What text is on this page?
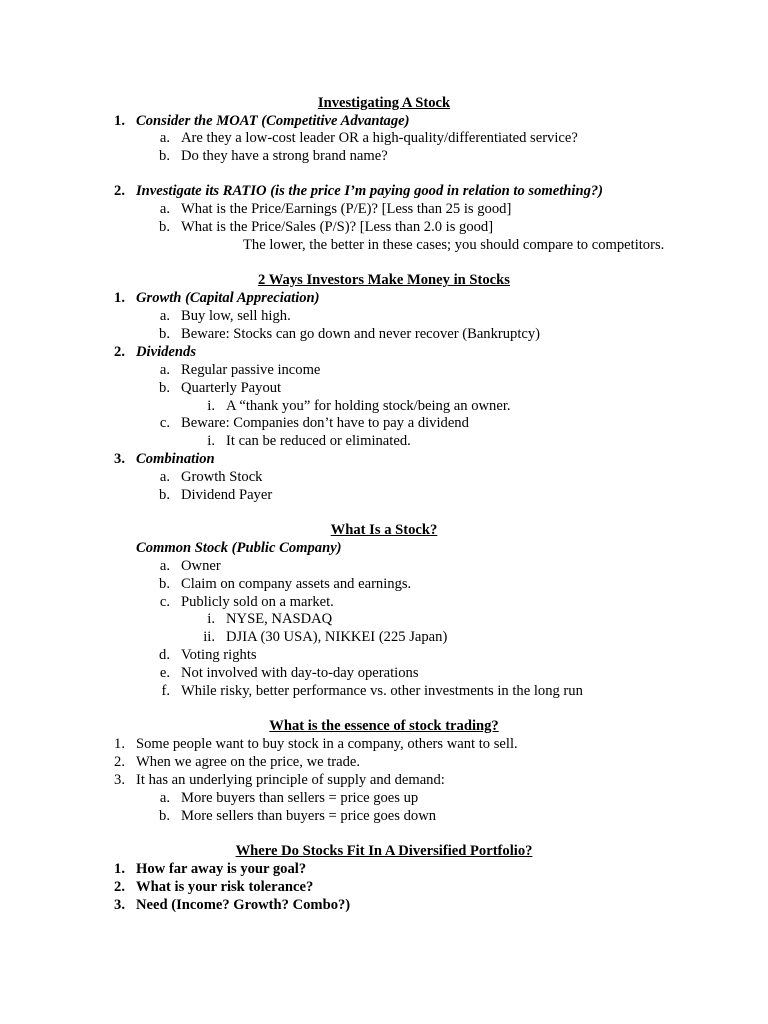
Investigating A Stock
1. Consider the MOAT (Competitive Advantage)
a. Are they a low-cost leader OR a high-quality/differentiated service?
b. Do they have a strong brand name?
2. Investigate its RATIO (is the price I’m paying good in relation to something?)
a. What is the Price/Earnings (P/E)? [Less than 25 is good]
b. What is the Price/Sales (P/S)? [Less than 2.0 is good]
The lower, the better in these cases; you should compare to competitors.
2 Ways Investors Make Money in Stocks
1. Growth (Capital Appreciation)
a. Buy low, sell high.
b. Beware: Stocks can go down and never recover (Bankruptcy)
2. Dividends
a. Regular passive income
b. Quarterly Payout
i. A “thank you” for holding stock/being an owner.
c. Beware: Companies don’t have to pay a dividend
i. It can be reduced or eliminated.
3. Combination
a. Growth Stock
b. Dividend Payer
What Is a Stock?
Common Stock (Public Company)
a. Owner
b. Claim on company assets and earnings.
c. Publicly sold on a market.
i. NYSE, NASDAQ
ii. DJIA (30 USA), NIKKEI (225 Japan)
d. Voting rights
e. Not involved with day-to-day operations
f. While risky, better performance vs. other investments in the long run
What is the essence of stock trading?
1. Some people want to buy stock in a company, others want to sell.
2. When we agree on the price, we trade.
3. It has an underlying principle of supply and demand:
a. More buyers than sellers = price goes up
b. More sellers than buyers = price goes down
Where Do Stocks Fit In A Diversified Portfolio?
1. How far away is your goal?
2. What is your risk tolerance?
3. Need (Income? Growth? Combo?)
